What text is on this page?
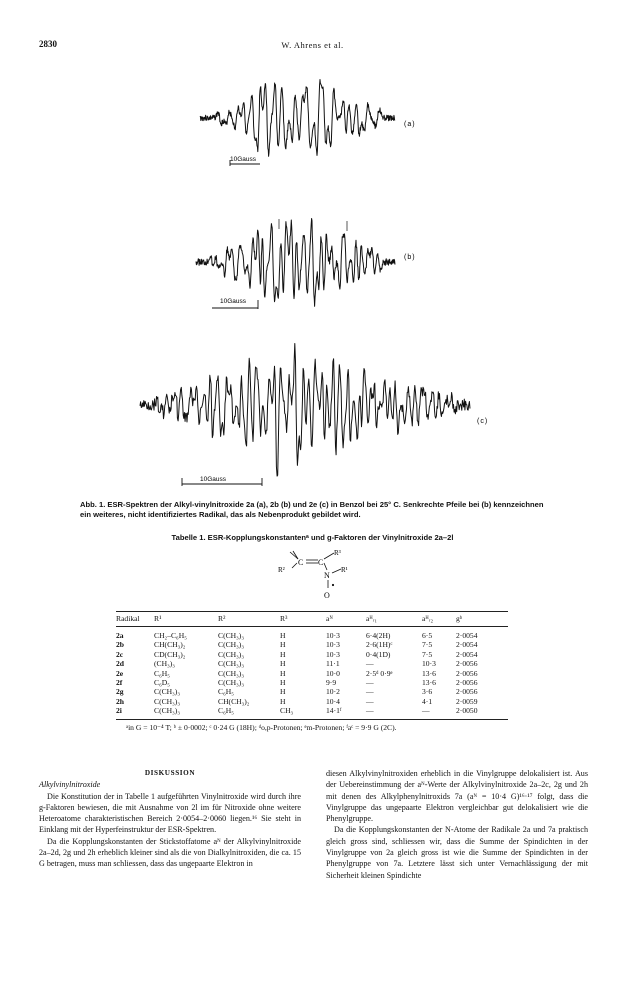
2830	W. Ahrens et al.
10Gauss
10Gauss
10Gauss
(a)
(b)
(c)
Abb. 1. ESR-Spektren der Alkyl-vinylnitroxide 2a (a), 2b (b) und 2e (c) in Benzol bei 25° C. Senkrechte Pfeile bei (b) kennzeichnen ein weiteres, nicht identifiziertes Radikal, das als Nebenprodukt gebildet wird.
Tabelle 1. ESR-Kopplungskonstantenᵃ und g-Faktoren der Vinylnitroxide 2a–2l
C C
R³
R²
N
R¹
O
Radikal	R¹	R²	R³	aᴺ	aᴴᵣ₁	aᴴᵣ₂	gᵇ
2a	CH₂–C₆H₅	C(CH₃)₃	H	10·3	6·4(2H)	6·5	2·0054
2b	CH(CH₃)₂	C(CH₃)₃	H	10·3	2·6(1H)ᶜ	7·5	2·0054
2c	CD(CH₃)₂	C(CH₃)₃	H	10·3	0·4(1D)	7·5	2·0054
2d	(CH₃)₃	C(CH₃)₃	H	11·1	—	10·3	2·0056
2e	C₆H₅	C(CH₃)₃	H	10·0	2·5ᵈ 0·9ᵉ	13·6	2·0056
2f	C₆D₅	C(CH₃)₃	H	9·9	—	13·6	2·0056
2g	C(CH₃)₃	C₆H₅	H	10·2	—	3·6	2·0056
2h	C(CH₃)₃	CH(CH₃)₂	H	10·4	—	4·1	2·0059
2i	C(CH₃)₃	C₆H₅	CH₃	14·1ᶠ	—	—	2·0050
ᵃin G = 10⁻⁴ T; ᵇ ± 0·0002; ᶜ 0·24 G (18H); ᵈo,p-Protonen; ᵉm-Protonen; ᶠaᶜ = 9·9 G (2C).

DISKUSSION

Alkylvinylnitroxide

Die Konstitution der in Tabelle 1 aufgeführten Vinylnitroxide wird durch ihre g-Faktoren bewiesen, die mit Ausnahme von 2l im für Nitroxide ohne weitere Heteroatome charakteristischen Bereich 2·0054–2·0060 liegen.¹⁶ Sie steht in Einklang mit der Hyperfeinstruktur der ESR-Spektren.

Da die Kopplungskonstanten der Stickstoffatome aᴺ der Alkylvinylnitroxide 2a–2d, 2g und 2h erheblich kleiner sind als die von Dialkylnitroxiden, die ca. 15 G betragen, muss man schliessen, dass das ungepaarte Elektron in

diesen Alkylvinylnitroxiden erheblich in die Vinylgruppe delokalisiert ist. Aus der Uebereinstimmung der aᴺ-Werte der Alkylvinylnitroxide 2a–2c, 2g und 2h mit denen des Alkylphenylnitroxids 7a (aᴺ = 10·4 G)¹⁶·¹⁷ folgt, dass die Vinylgruppe das ungepaarte Elektron vergleichbar gut delokalisiert wie die Phenylgruppe.

Da die Kopplungskonstanten der N-Atome der Radikale 2a und 7a praktisch gleich gross sind, schliessen wir, dass die Summe der Spindichten in der Vinylgruppe von 2a gleich gross ist wie die Summe der Spindichten in der Phenylgruppe von 7a. Letztere lässt sich unter Vernachlässigung der mit Sicherheit kleinen Spindichte
